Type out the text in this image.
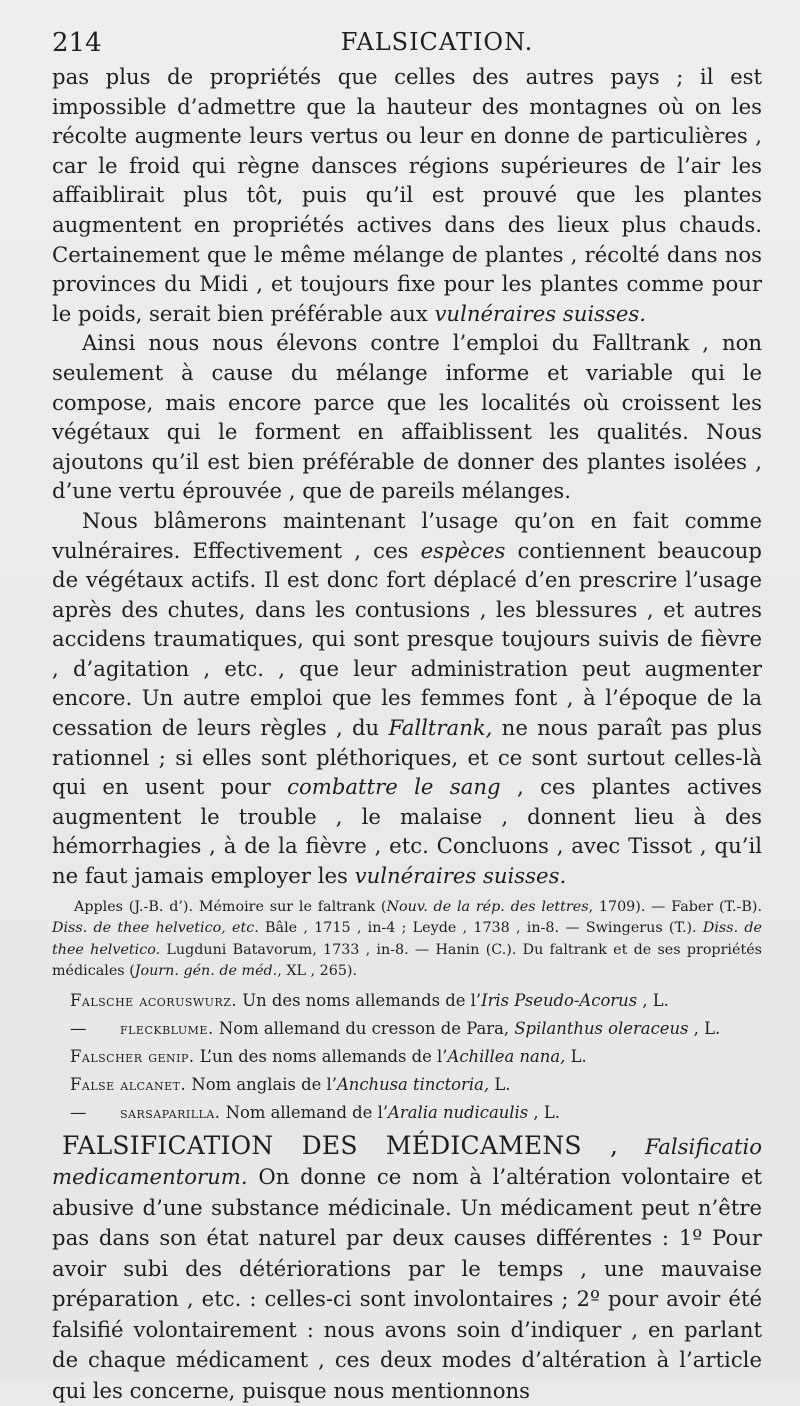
214	FALSICATION.

pas plus de propriétés que celles des autres pays ; il est impossible d’admettre que la hauteur des montagnes où on les récolte augmente leurs vertus ou leur en donne de particulières , car le froid qui règne dansces régions supérieures de l’air les affaiblirait plus tôt, puis qu’il est prouvé que les plantes augmentent en propriétés actives dans des lieux plus chauds. Certainement que le même mélange de plantes , récolté dans nos provinces du Midi , et toujours fixe pour les plantes comme pour le poids, serait bien préférable aux vulnéraires suisses.

Ainsi nous nous élevons contre l’emploi du Falltrank , non seulement à cause du mélange informe et variable qui le compose, mais encore parce que les localités où croissent les végétaux qui le forment en affaiblissent les qualités. Nous ajoutons qu’il est bien préférable de donner des plantes isolées , d’une vertu éprouvée , que de pareils mélanges.

Nous blâmerons maintenant l’usage qu’on en fait comme vulnéraires. Effectivement , ces espèces contiennent beaucoup de végétaux actifs. Il est donc fort déplacé d’en prescrire l’usage après des chutes, dans les contusions , les blessures , et autres accidens traumatiques, qui sont presque toujours suivis de fièvre , d’agitation , etc. , que leur administration peut augmenter encore. Un autre emploi que les femmes font , à l’époque de la cessation de leurs règles , du Falltrank, ne nous paraît pas plus rationnel ; si elles sont pléthoriques, et ce sont surtout celles-là qui en usent pour combattre le sang , ces plantes actives augmentent le trouble , le malaise , donnent lieu à des hémorrhagies , à de la fièvre , etc. Concluons , avec Tissot , qu’il ne faut jamais employer les vulnéraires suisses.

Apples (J.-B. d’). Mémoire sur le faltrank (Nouv. de la rép. des lettres, 1709). — Faber (T.-B). Diss. de thee helvetico, etc. Bâle , 1715 , in-4 ; Leyde , 1738 , in-8. — Swingerus (T.). Diss. de thee helvetico. Lugduni Batavorum, 1733 , in-8. — Hanin (C.). Du faltrank et de ses propriétés médicales (Journ. gén. de méd., XL , 265).

Falsche acoruswurz. Un des noms allemands de l’Iris Pseudo-Acorus , L.

— fleckblume. Nom allemand du cresson de Para, Spilanthus oleraceus , L.

Falscher genip. L’un des noms allemands de l’Achillea nana, L.

False alcanet. Nom anglais de l’Anchusa tinctoria, L.

— sarsaparilla. Nom allemand de l’Aralia nudicaulis , L.

FALSIFICATION DES MÉDICAMENS , Falsificatio medicamentorum. On donne ce nom à l’altération volontaire et abusive d’une substance médicinale. Un médicament peut n’être pas dans son état naturel par deux causes différentes : 1º Pour avoir subi des détériorations par le temps , une mauvaise préparation , etc. : celles-ci sont involontaires ; 2º pour avoir été falsifié volontairement : nous avons soin d’indiquer , en parlant de chaque médicament , ces deux modes d’altération à l’article qui les concerne, puisque nous mentionnons
